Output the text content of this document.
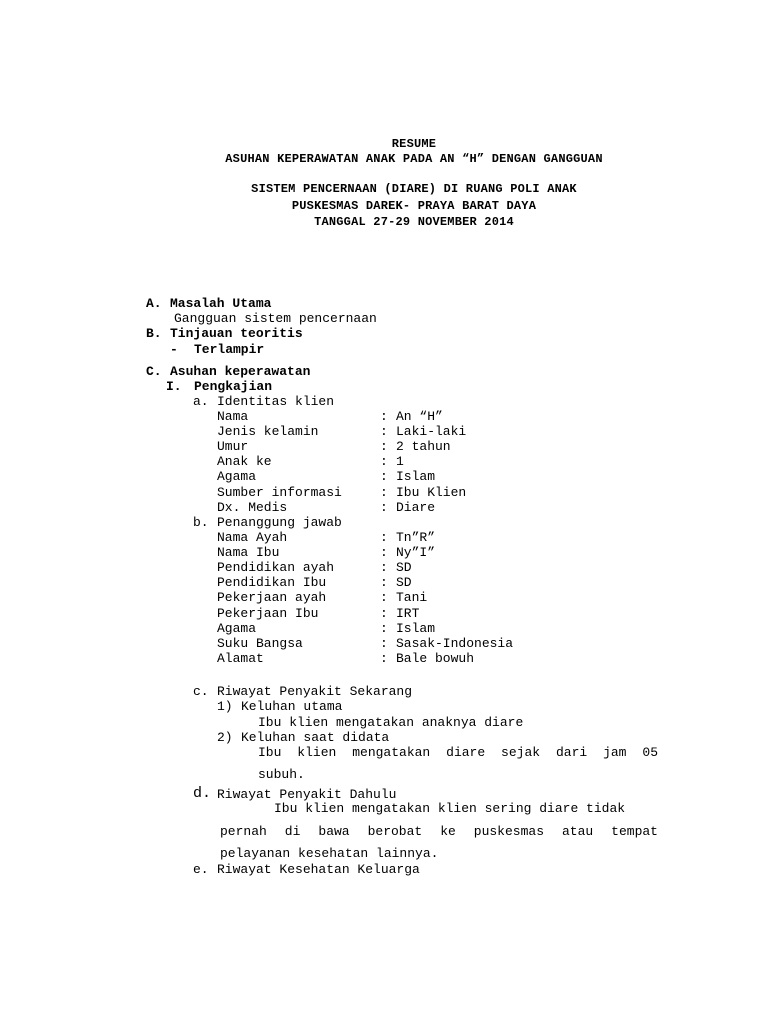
RESUME
ASUHAN KEPERAWATAN ANAK PADA AN “H” DENGAN GANGGUAN
SISTEM PENCERNAAN (DIARE) DI RUANG POLI ANAK
PUSKESMAS DAREK- PRAYA BARAT DAYA
TANGGAL 27-29 NOVEMBER 2014
A. Masalah Utama
Gangguan sistem pencernaan
B. Tinjauan teoritis
- Terlampir
C. Asuhan keperawatan
I. Pengkajian
a. Identitas klien
Nama	: An “H”
Jenis kelamin	: Laki-laki
Umur	: 2 tahun
Anak ke	: 1
Agama	: Islam
Sumber informasi	: Ibu Klien
Dx. Medis	: Diare
b. Penanggung jawab
Nama Ayah	: Tn”R”
Nama Ibu	: Ny”I”
Pendidikan ayah	: SD
Pendidikan Ibu	: SD
Pekerjaan ayah	: Tani
Pekerjaan Ibu	: IRT
Agama	: Islam
Suku Bangsa	: Sasak-Indonesia
Alamat	: Bale bowuh
c. Riwayat Penyakit Sekarang
1) Keluhan utama
Ibu klien mengatakan anaknya diare
2) Keluhan saat didata
Ibu klien mengatakan diare sejak dari jam 05
subuh.
d. Riwayat Penyakit Dahulu
Ibu klien mengatakan klien sering diare tidak
pernah di bawa berobat ke puskesmas atau tempat
pelayanan kesehatan lainnya.
e. Riwayat Kesehatan Keluarga
